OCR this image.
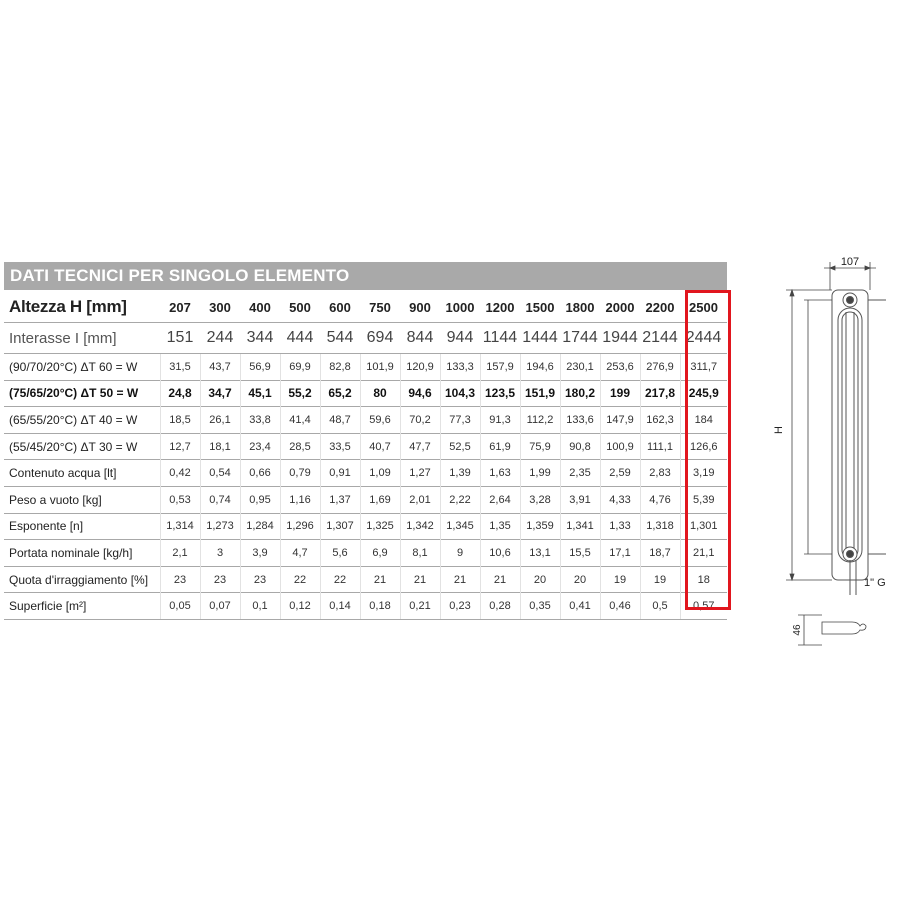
DATI TECNICI PER SINGOLO ELEMENTO
Altezza H [mm]	207	300	400	500	600	750	900	1000	1200	1500	1800	2000	2200	2500
Interasse I [mm]	151	244	344	444	544	694	844	944	1144	1444	1744	1944	2144	2444
(90/70/20°C) ΔT 60 = W	31,5	43,7	56,9	69,9	82,8	101,9	120,9	133,3	157,9	194,6	230,1	253,6	276,9	311,7
(75/65/20°C) ΔT 50 = W	24,8	34,7	45,1	55,2	65,2	80	94,6	104,3	123,5	151,9	180,2	199	217,8	245,9
(65/55/20°C) ΔT 40 = W	18,5	26,1	33,8	41,4	48,7	59,6	70,2	77,3	91,3	112,2	133,6	147,9	162,3	184
(55/45/20°C) ΔT 30 = W	12,7	18,1	23,4	28,5	33,5	40,7	47,7	52,5	61,9	75,9	90,8	100,9	111,1	126,6
Contenuto acqua [lt]	0,42	0,54	0,66	0,79	0,91	1,09	1,27	1,39	1,63	1,99	2,35	2,59	2,83	3,19
Peso a vuoto [kg]	0,53	0,74	0,95	1,16	1,37	1,69	2,01	2,22	2,64	3,28	3,91	4,33	4,76	5,39
Esponente [n]	1,314	1,273	1,284	1,296	1,307	1,325	1,342	1,345	1,35	1,359	1,341	1,33	1,318	1,301
Portata nominale [kg/h]	2,1	3	3,9	4,7	5,6	6,9	8,1	9	10,6	13,1	15,5	17,1	18,7	21,1
Quota d'irraggiamento [%]	23	23	23	22	22	21	21	21	21	20	20	19	19	18
Superficie [m²]	0,05	0,07	0,1	0,12	0,14	0,18	0,21	0,23	0,28	0,35	0,41	0,46	0,5	0,57
107
H
1" G
46
